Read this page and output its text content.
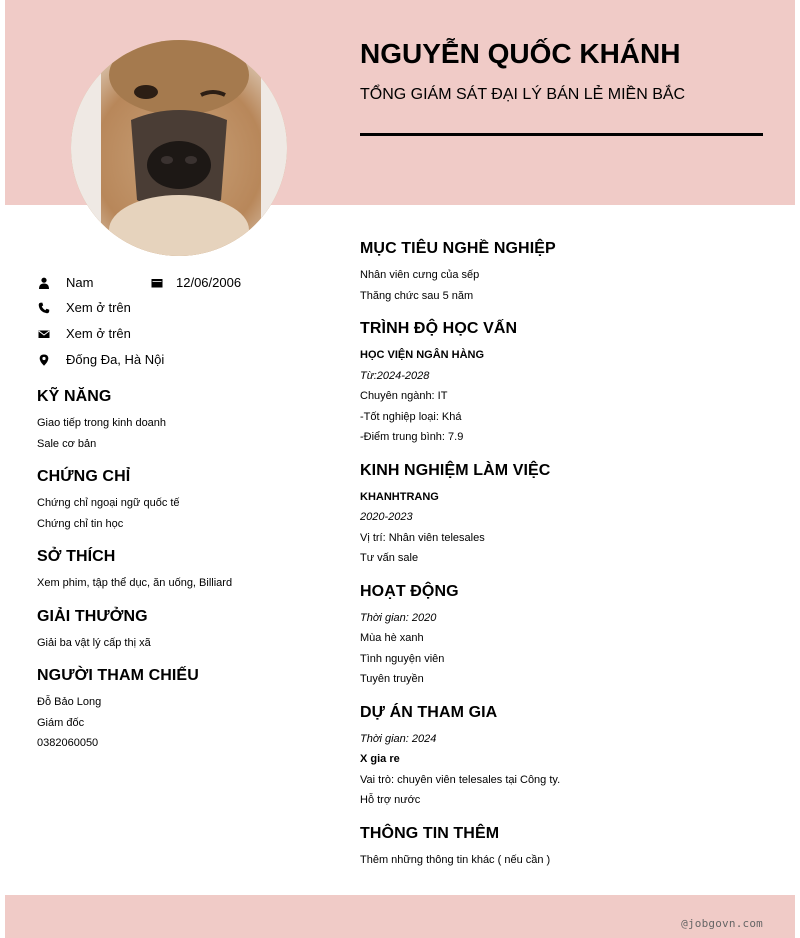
NGUYỄN QUỐC KHÁNH

TỔNG GIÁM SÁT ĐẠI LÝ BÁN LẺ MIỀN BẮC

Nam	12/06/2006
Xem ở trên
Xem ở trên
Đống Đa, Hà Nội
KỸ NĂNG

Giao tiếp trong kinh doanh

Sale cơ bản

CHỨNG CHỈ

Chứng chỉ ngoại ngữ quốc tế

Chứng chỉ tin học

SỞ THÍCH

Xem phim, tập thể dục, ăn uống, Billiard

GIẢI THƯỞNG

Giải ba vật lý cấp thị xã

NGƯỜI THAM CHIẾU

Đỗ Bảo Long

Giám đốc

0382060050

MỤC TIÊU NGHỀ NGHIỆP

Nhân viên cưng của sếp

Thăng chức sau 5 năm

TRÌNH ĐỘ HỌC VẤN

HỌC VIỆN NGÂN HÀNG

Từ:2024-2028

Chuyên ngành: IT

-Tốt nghiệp loại: Khá

-Điểm trung bình: 7.9

KINH NGHIỆM LÀM VIỆC

KHANHTRANG

2020-2023

Vị trí: Nhân viên telesales

Tư vấn sale

HOẠT ĐỘNG

Thời gian: 2020

Mùa hè xanh

Tình nguyện viên

Tuyên truyền

DỰ ÁN THAM GIA

Thời gian: 2024

X gia re

Vai trò: chuyên viên telesales tại Công ty.

Hỗ trợ nước

THÔNG TIN THÊM

Thêm những thông tin khác ( nếu cần )

@jobgovn.com
